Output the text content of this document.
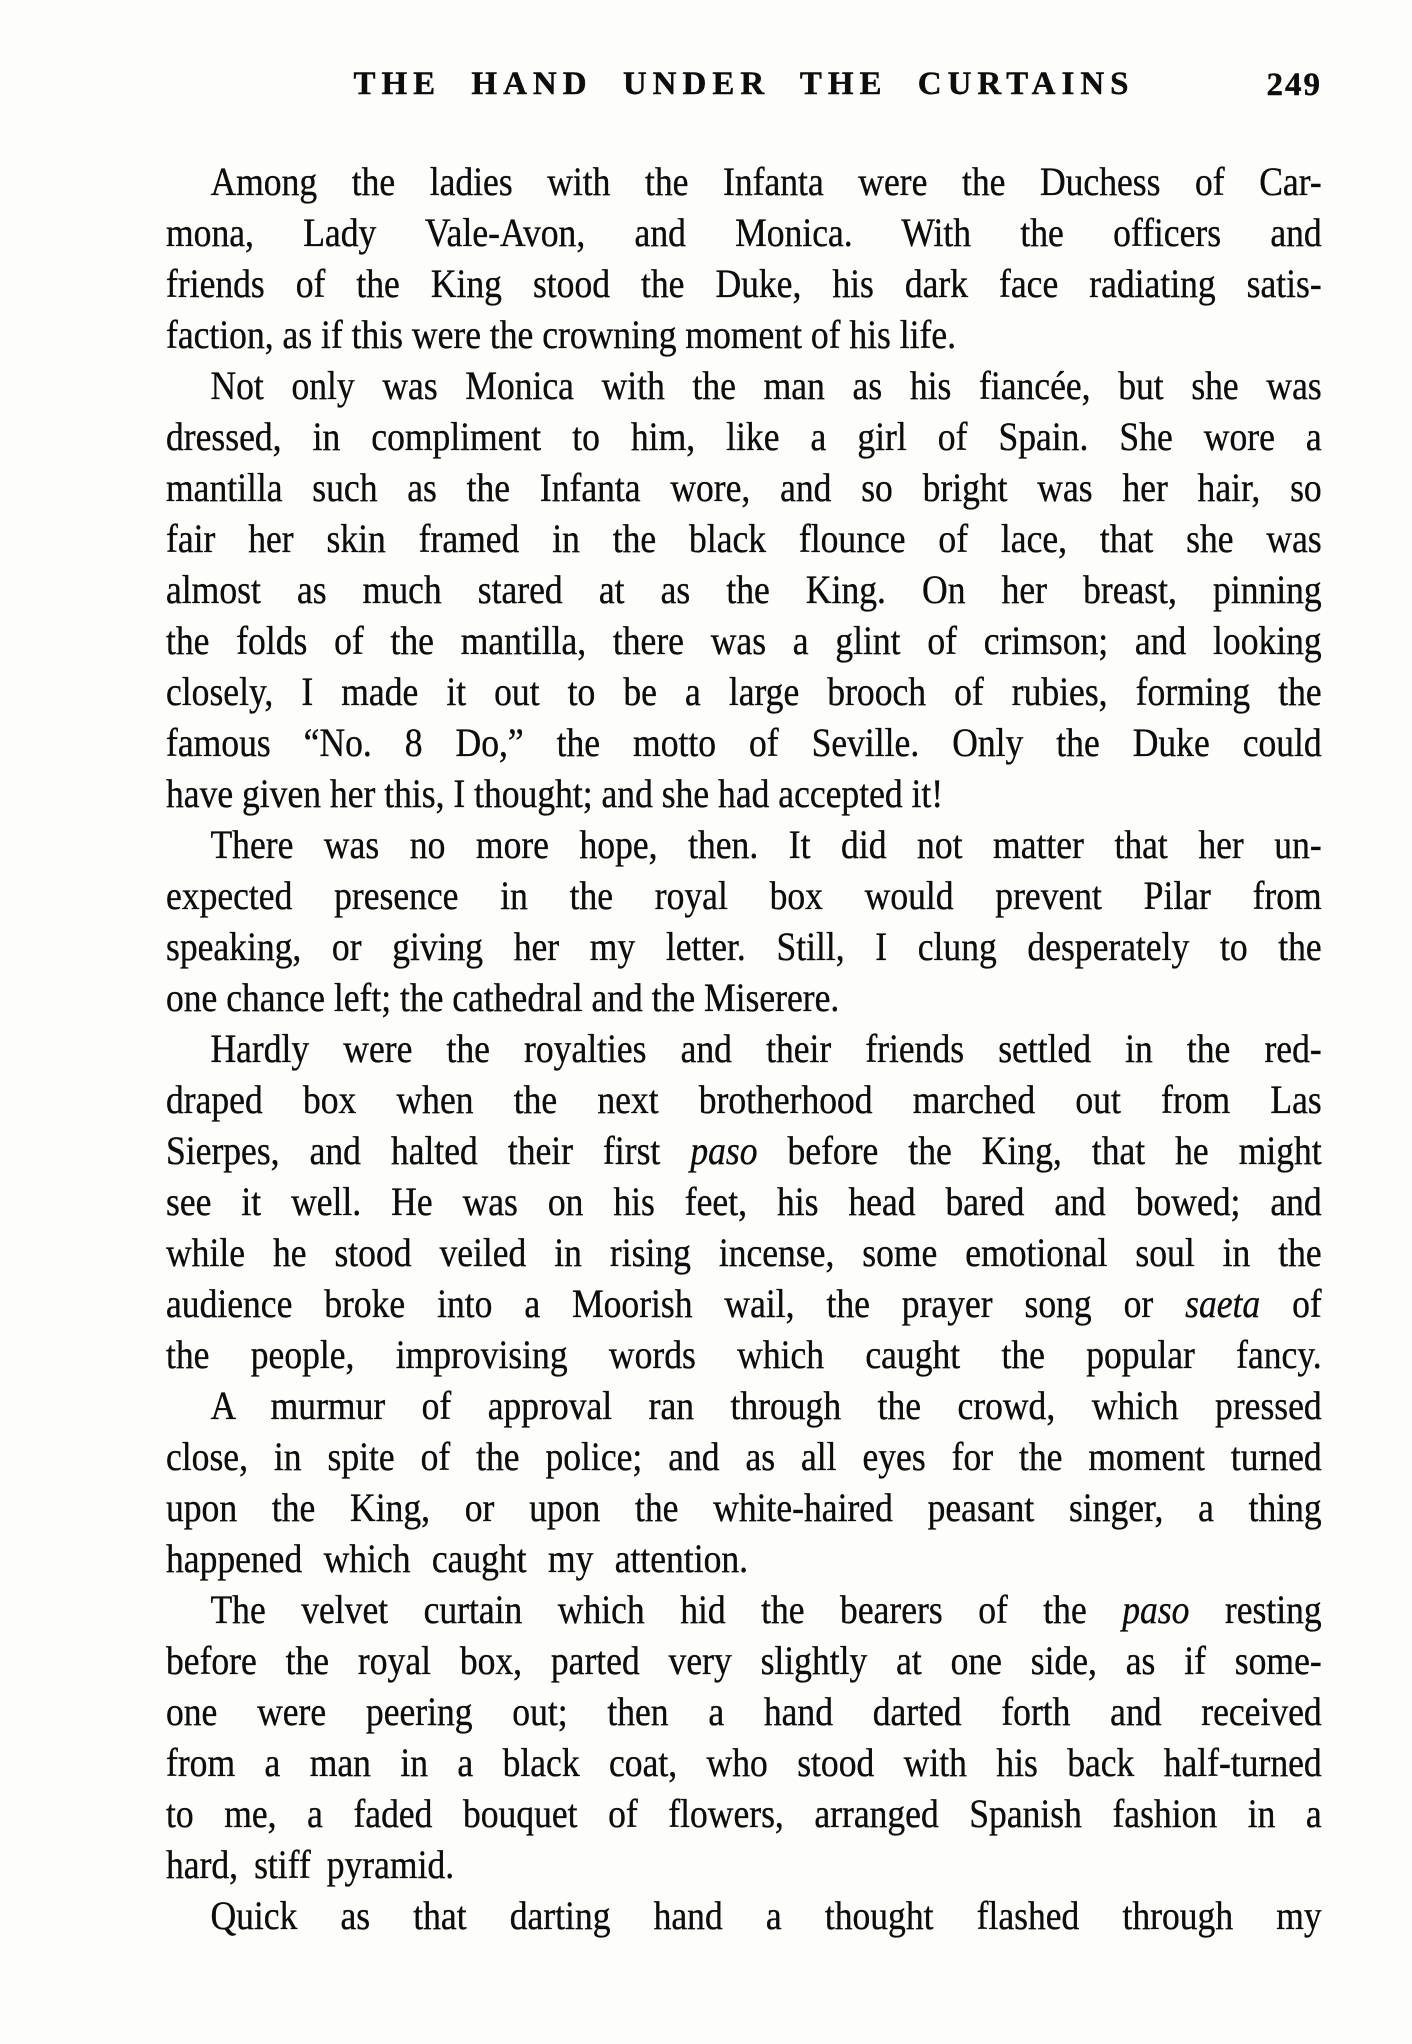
THE HAND UNDER THE CURTAINS	249
Among the ladies with the Infanta were the Duchess of Car-
mona, Lady Vale-Avon, and Monica. With the officers and
friends of the King stood the Duke, his dark face radiating satis-
faction, as if this were the crowning moment of his life.
Not only was Monica with the man as his fiancée, but she was
dressed, in compliment to him, like a girl of Spain. She wore a
mantilla such as the Infanta wore, and so bright was her hair, so
fair her skin framed in the black flounce of lace, that she was
almost as much stared at as the King. On her breast, pinning
the folds of the mantilla, there was a glint of crimson; and looking
closely, I made it out to be a large brooch of rubies, forming the
famous “No. 8 Do,” the motto of Seville. Only the Duke could
have given her this, I thought; and she had accepted it!
There was no more hope, then. It did not matter that her un-
expected presence in the royal box would prevent Pilar from
speaking, or giving her my letter. Still, I clung desperately to the
one chance left; the cathedral and the Miserere.
Hardly were the royalties and their friends settled in the red-
draped box when the next brotherhood marched out from Las
Sierpes, and halted their first paso before the King, that he might
see it well. He was on his feet, his head bared and bowed; and
while he stood veiled in rising incense, some emotional soul in the
audience broke into a Moorish wail, the prayer song or saeta of
the people, improvising words which caught the popular fancy.
A murmur of approval ran through the crowd, which pressed
close, in spite of the police; and as all eyes for the moment turned
upon the King, or upon the white-haired peasant singer, a thing
happened which caught my attention.
The velvet curtain which hid the bearers of the paso resting
before the royal box, parted very slightly at one side, as if some-
one were peering out; then a hand darted forth and received
from a man in a black coat, who stood with his back half-turned
to me, a faded bouquet of flowers, arranged Spanish fashion in a
hard, stiff pyramid.
Quick as that darting hand a thought flashed through my
